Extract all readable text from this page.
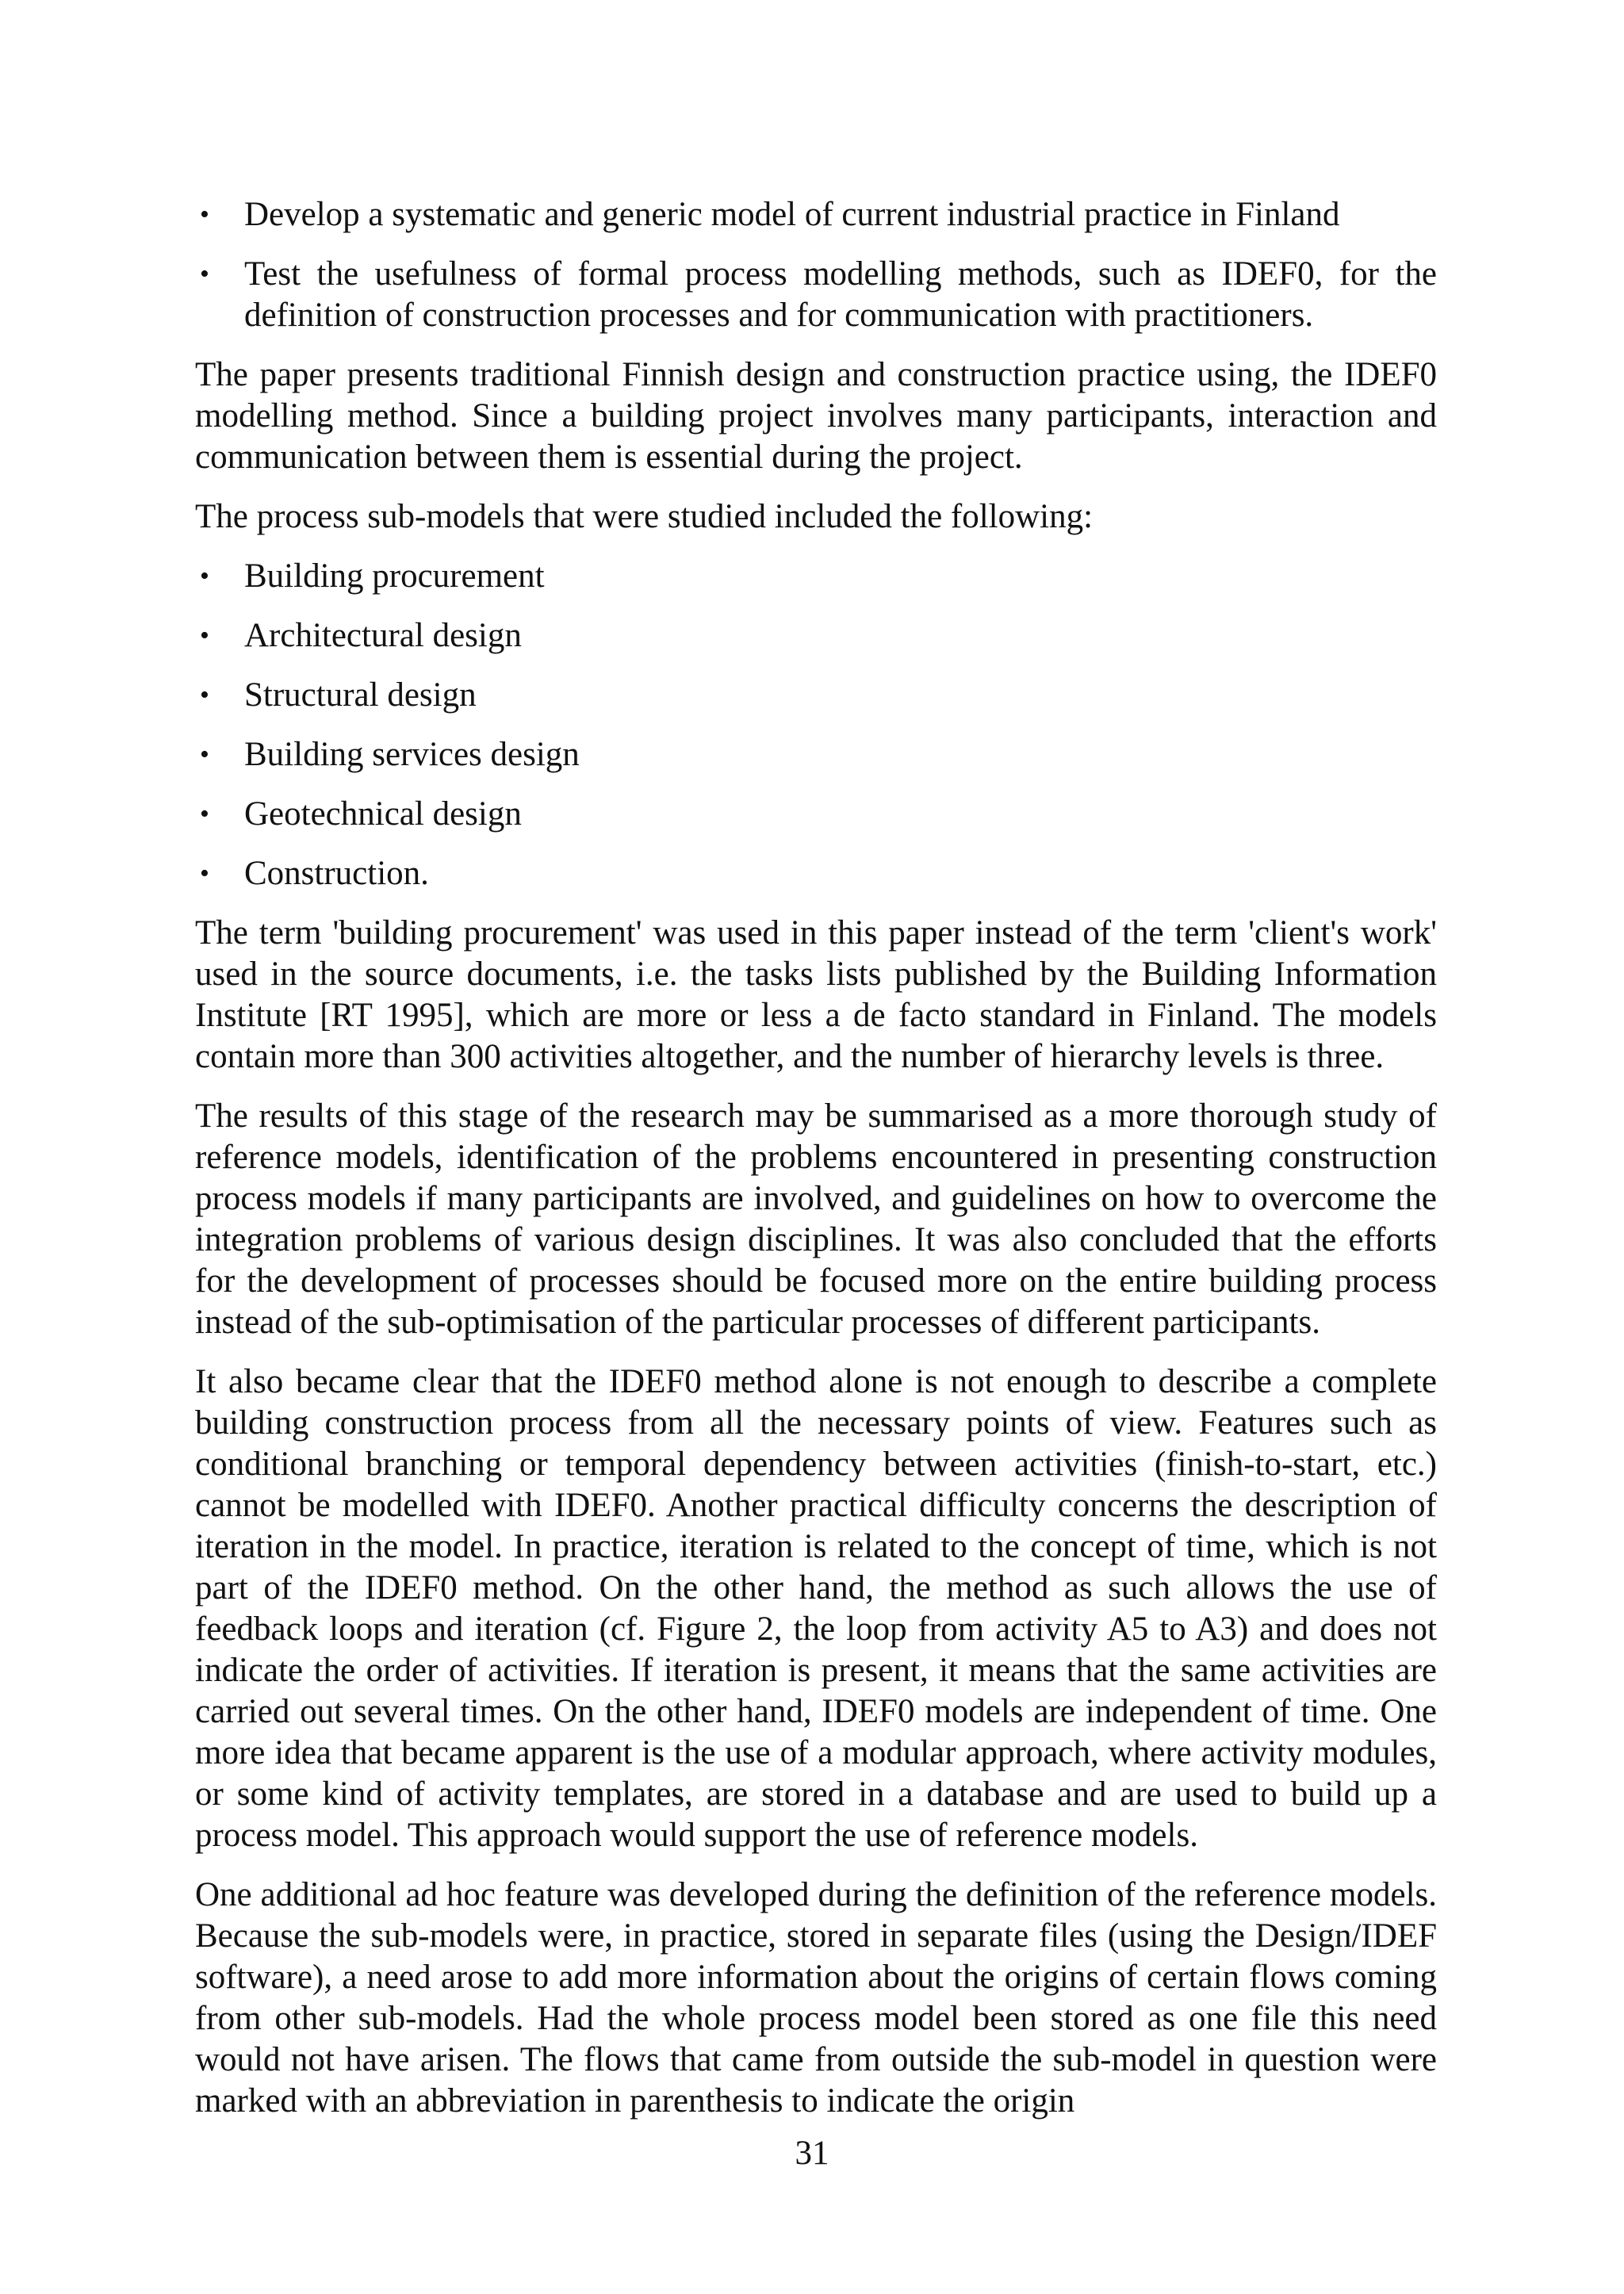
• Develop a systematic and generic model of current industrial practice in Finland
• Test the usefulness of formal process modelling methods, such as IDEF0, for the definition of construction processes and for communication with practitioners.

The paper presents traditional Finnish design and construction practice using, the IDEF0 modelling method. Since a building project involves many participants, interaction and communication between them is essential during the project.

The process sub-models that were studied included the following:

• Building procurement
• Architectural design
• Structural design
• Building services design
• Geotechnical design
• Construction.

The term 'building procurement' was used in this paper instead of the term 'client's work' used in the source documents, i.e. the tasks lists published by the Building Information Institute [RT 1995], which are more or less a de facto standard in Finland. The models contain more than 300 activities altogether, and the number of hierarchy levels is three.

The results of this stage of the research may be summarised as a more thorough study of reference models, identification of the problems encountered in presenting construction process models if many participants are involved, and guidelines on how to overcome the integration problems of various design disciplines. It was also concluded that the efforts for the development of processes should be focused more on the entire building process instead of the sub-optimisation of the particular processes of different participants.

It also became clear that the IDEF0 method alone is not enough to describe a complete building construction process from all the necessary points of view. Features such as conditional branching or temporal dependency between activities (finish-to-start, etc.) cannot be modelled with IDEF0. Another practical difficulty concerns the description of iteration in the model. In practice, iteration is related to the concept of time, which is not part of the IDEF0 method. On the other hand, the method as such allows the use of feedback loops and iteration (cf. Figure 2, the loop from activity A5 to A3) and does not indicate the order of activities. If iteration is present, it means that the same activities are carried out several times. On the other hand, IDEF0 models are independent of time. One more idea that became apparent is the use of a modular approach, where activity modules, or some kind of activity templates, are stored in a database and are used to build up a process model. This approach would support the use of reference models.

One additional ad hoc feature was developed during the definition of the reference models. Because the sub-models were, in practice, stored in separate files (using the Design/IDEF software), a need arose to add more information about the origins of certain flows coming from other sub-models. Had the whole process model been stored as one file this need would not have arisen. The flows that came from outside the sub-model in question were marked with an abbreviation in parenthesis to indicate the origin

31
